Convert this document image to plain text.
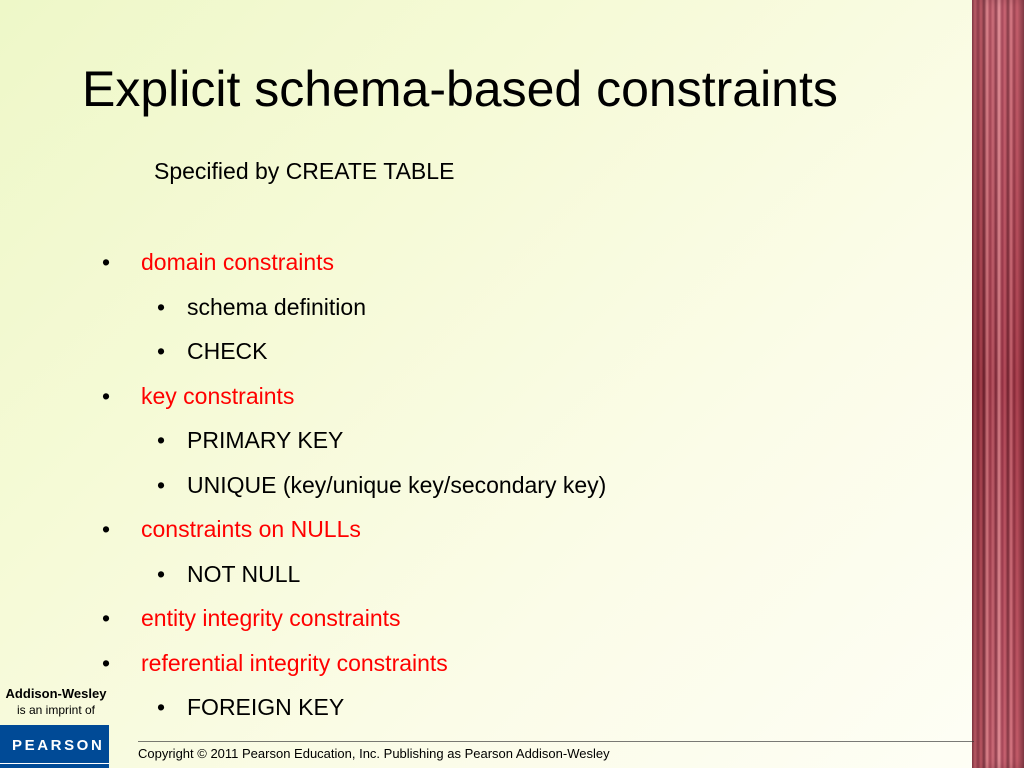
Explicit schema-based constraints
Specified by CREATE TABLE
• domain constraints
• schema definition
• CHECK
• key constraints
• PRIMARY KEY
• UNIQUE (key/unique key/secondary key)
• constraints on NULLs
• NOT NULL
• entity integrity constraints
• referential integrity constraints
• FOREIGN KEY
Addison-Wesley
is an imprint of
PEARSON	Copyright © 2011 Pearson Education, Inc. Publishing as Pearson Addison-Wesley
